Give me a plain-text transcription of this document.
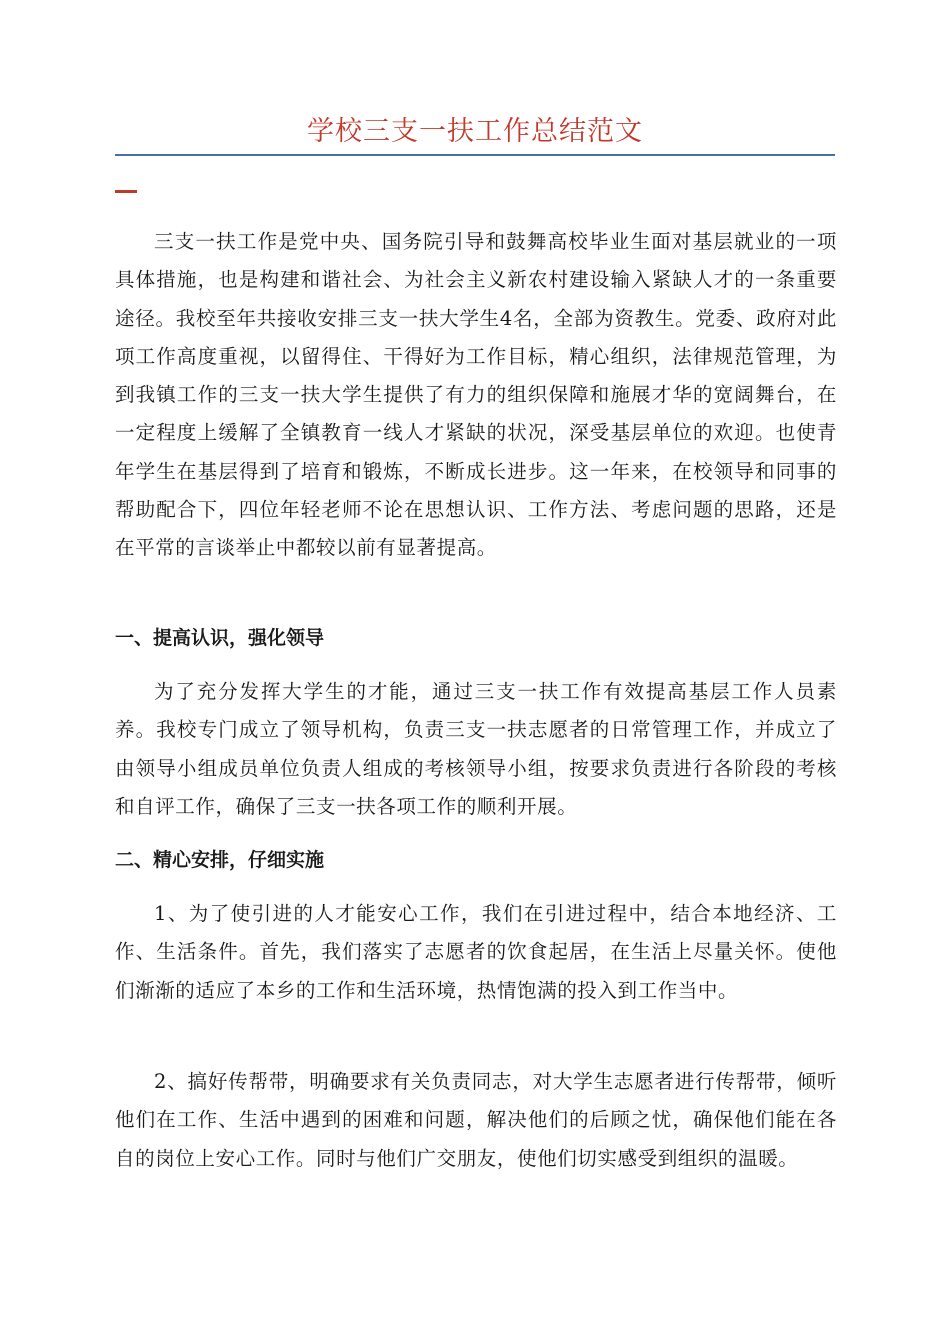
学校三支一扶工作总结范文

三支一扶工作是党中央、国务院引导和鼓舞高校毕业生面对基层就业的一项具体措施，也是构建和谐社会、为社会主义新农村建设输入紧缺人才的一条重要途径。我校至年共接收安排三支一扶大学生4名，全部为资教生。党委、政府对此项工作高度重视，以留得住、干得好为工作目标，精心组织，法律规范管理，为到我镇工作的三支一扶大学生提供了有力的组织保障和施展才华的宽阔舞台，在一定程度上缓解了全镇教育一线人才紧缺的状况，深受基层单位的欢迎。也使青年学生在基层得到了培育和锻炼，不断成长进步。这一年来，在校领导和同事的帮助配合下，四位年轻老师不论在思想认识、工作方法、考虑问题的思路，还是在平常的言谈举止中都较以前有显著提高。

一、提高认识，强化领导

为了充分发挥大学生的才能，通过三支一扶工作有效提高基层工作人员素养。我校专门成立了领导机构，负责三支一扶志愿者的日常管理工作，并成立了由领导小组成员单位负责人组成的考核领导小组，按要求负责进行各阶段的考核和自评工作，确保了三支一扶各项工作的顺利开展。

二、精心安排，仔细实施

1、为了使引进的人才能安心工作，我们在引进过程中，结合本地经济、工作、生活条件。首先，我们落实了志愿者的饮食起居，在生活上尽量关怀。使他们渐渐的适应了本乡的工作和生活环境，热情饱满的投入到工作当中。

2、搞好传帮带，明确要求有关负责同志，对大学生志愿者进行传帮带，倾听他们在工作、生活中遇到的困难和问题，解决他们的后顾之忧，确保他们能在各自的岗位上安心工作。同时与他们广交朋友，使他们切实感受到组织的温暖。
